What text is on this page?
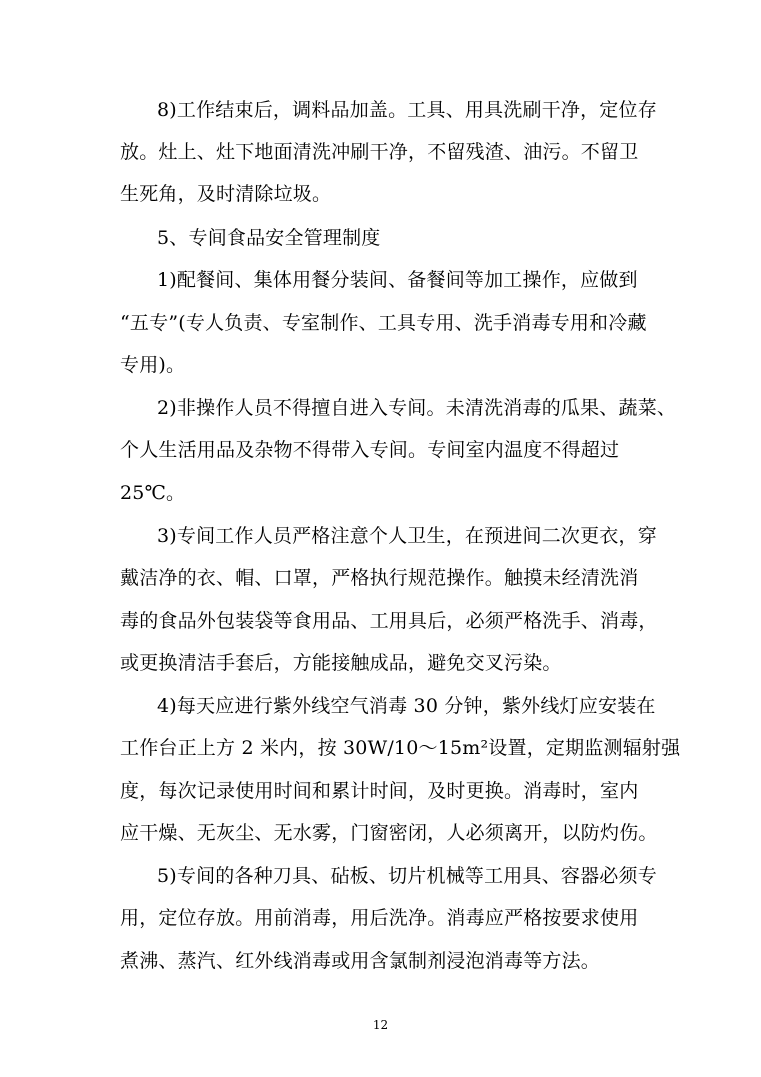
8)工作结束后，调料品加盖。工具、用具洗刷干净，定位存
放。灶上、灶下地面清洗冲刷干净，不留残渣、油污。不留卫
生死角，及时清除垃圾。
5、专间食品安全管理制度
1)配餐间、集体用餐分装间、备餐间等加工操作，应做到
“五专”(专人负责、专室制作、工具专用、洗手消毒专用和冷藏
专用)。
2)非操作人员不得擅自进入专间。未清洗消毒的瓜果、蔬菜、
个人生活用品及杂物不得带入专间。专间室内温度不得超过
25℃。
3)专间工作人员严格注意个人卫生，在预进间二次更衣，穿
戴洁净的衣、帽、口罩，严格执行规范操作。触摸未经清洗消
毒的食品外包装袋等食用品、工用具后，必须严格洗手、消毒，
或更换清洁手套后，方能接触成品，避免交叉污染。
4)每天应进行紫外线空气消毒 30 分钟，紫外线灯应安装在
工作台正上方 2 米内，按 30W/10～15m²设置，定期监测辐射强
度，每次记录使用时间和累计时间，及时更换。消毒时，室内
应干燥、无灰尘、无水雾，门窗密闭，人必须离开，以防灼伤。
5)专间的各种刀具、砧板、切片机械等工用具、容器必须专
用，定位存放。用前消毒，用后洗净。消毒应严格按要求使用
煮沸、蒸汽、红外线消毒或用含氯制剂浸泡消毒等方法。
12
